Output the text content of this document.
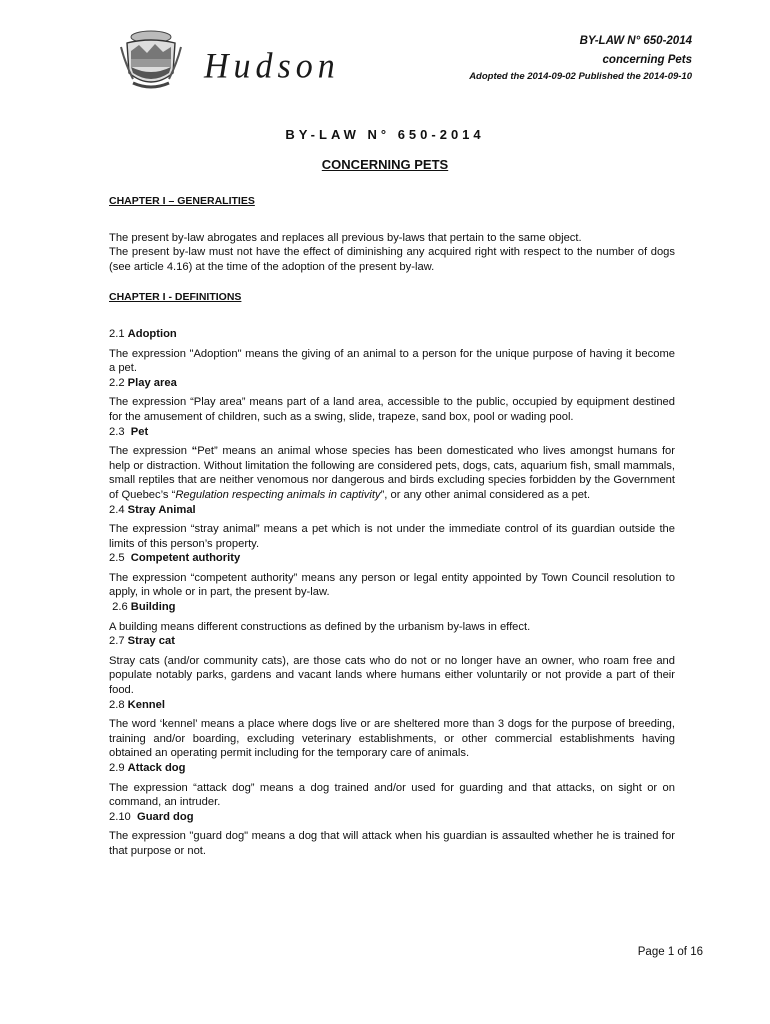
Hudson
BY-LAW N° 650-2014
concerning Pets
Adopted the 2014-09-02 Published the 2014-09-10
BY-LAW N° 650-2014
CONCERNING PETS

CHAPTER I – GENERALITIES

The present by-law abrogates and replaces all previous by-laws that pertain to the same object.

The present by-law must not have the effect of diminishing any acquired right with respect to the number of dogs (see article 4.16) at the time of the adoption of the present by-law.

CHAPTER I - DEFINITIONS

2.1 Adoption

The expression "Adoption" means the giving of an animal to a person for the unique purpose of having it become a pet.

2.2 Play area

The expression “Play area” means part of a land area, accessible to the public, occupied by equipment destined for the amusement of children, such as a swing, slide, trapeze, sand box, pool or wading pool.

2.3 Pet

The expression “Pet” means an animal whose species has been domesticated who lives amongst humans for help or distraction. Without limitation the following are considered pets, dogs, cats, aquarium fish, small mammals, small reptiles that are neither venomous nor dangerous and birds excluding species forbidden by the Government of Quebec’s “Regulation respecting animals in captivity”, or any other animal considered as a pet.

2.4 Stray Animal

The expression “stray animal” means a pet which is not under the immediate control of its guardian outside the limits of this person’s property.

2.5 Competent authority

The expression “competent authority” means any person or legal entity appointed by Town Council resolution to apply, in whole or in part, the present by-law.

2.6 Building

A building means different constructions as defined by the urbanism by-laws in effect.

2.7 Stray cat

Stray cats (and/or community cats), are those cats who do not or no longer have an owner, who roam free and populate notably parks, gardens and vacant lands where humans either voluntarily or not provide a part of their food.

2.8 Kennel

The word ‘kennel’ means a place where dogs live or are sheltered more than 3 dogs for the purpose of breeding, training and/or boarding, excluding veterinary establishments, or other commercial establishments having obtained an operating permit including for the temporary care of animals.

2.9 Attack dog

The expression “attack dog” means a dog trained and/or used for guarding and that attacks, on sight or on command, an intruder.

2.10 Guard dog

The expression "guard dog" means a dog that will attack when his guardian is assaulted whether he is trained for that purpose or not.

Page 1 of 16
